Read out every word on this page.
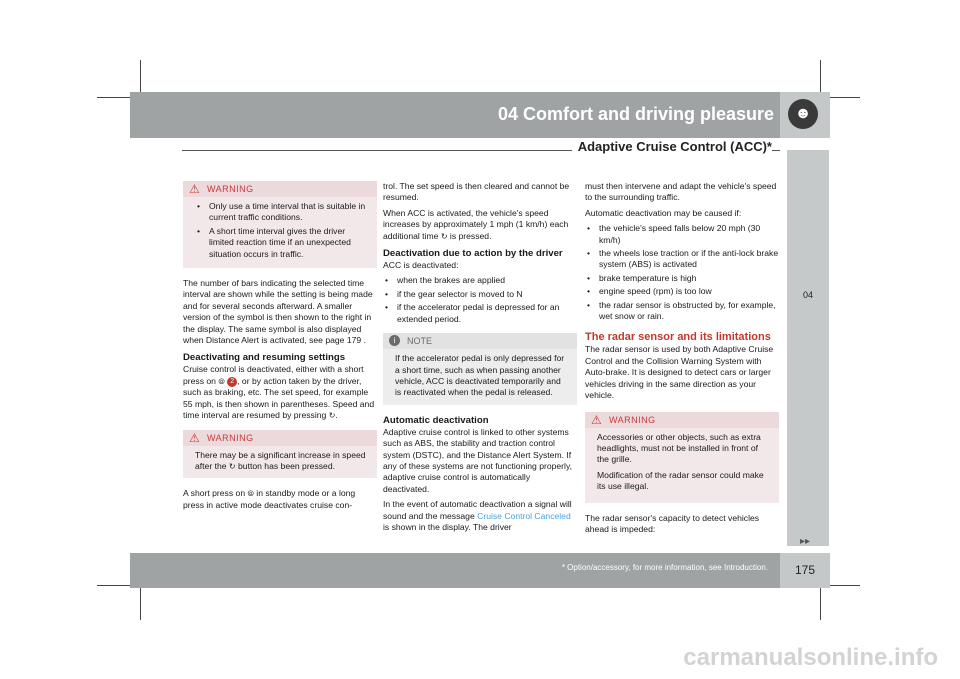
04 Comfort and driving pleasure	☻
Adaptive Cruise Control (ACC)*
04
⚠ WARNING
• Only use a time interval that is suitable in current traffic conditions.
• A short time interval gives the driver limited reaction time if an unexpected situation occurs in traffic.

The number of bars indicating the selected time interval are shown while the setting is being made and for several seconds afterward. A smaller version of the symbol is then shown to the right in the display. The same symbol is also displayed when Distance Alert is activated, see page 179 .

Deactivating and resuming settings

Cruise control is deactivated, either with a short press on ⦾ 2 , or by action taken by the driver, such as braking, etc. The set speed, for example 55 mph, is then shown in parentheses. Speed and time interval are resumed by pressing ↻.

⚠ WARNING
There may be a significant increase in speed after the ↻ button has been pressed.

A short press on ⦾ in standby mode or a long press in active mode deactivates cruise con-

trol. The set speed is then cleared and cannot be resumed.

When ACC is activated, the vehicle's speed increases by approximately 1 mph (1 km/h) each additional time ↻ is pressed.

Deactivation due to action by the driver

ACC is deactivated:

• when the brakes are applied
• if the gear selector is moved to N
• if the accelerator pedal is depressed for an extended period.
i	NOTE
If the accelerator pedal is only depressed for a short time, such as when passing another vehicle, ACC is deactivated temporarily and is reactivated when the pedal is released.
Automatic deactivation

Adaptive cruise control is linked to other systems such as ABS, the stability and traction control system (DSTC), and the Distance Alert System. If any of these systems are not functioning properly, adaptive cruise control is automatically deactivated.

In the event of automatic deactivation a signal will sound and the message Cruise Control Canceled is shown in the display. The driver

must then intervene and adapt the vehicle's speed to the surrounding traffic.

Automatic deactivation may be caused if:

• the vehicle's speed falls below 20 mph (30 km/h)
• the wheels lose traction or if the anti-lock brake system (ABS) is activated
• brake temperature is high
• engine speed (rpm) is too low
• the radar sensor is obstructed by, for example, wet snow or rain.
The radar sensor and its limitations

The radar sensor is used by both Adaptive Cruise Control and the Collision Warning System with Auto-brake. It is designed to detect cars or larger vehicles driving in the same direction as your vehicle.

⚠ WARNING

Accessories or other objects, such as extra headlights, must not be installed in front of the grille.

Modification of the radar sensor could make its use illegal.

The radar sensor's capacity to detect vehicles ahead is impeded:

▸▸
* Option/accessory, for more information, see Introduction.	175
carmanualsonline.info
